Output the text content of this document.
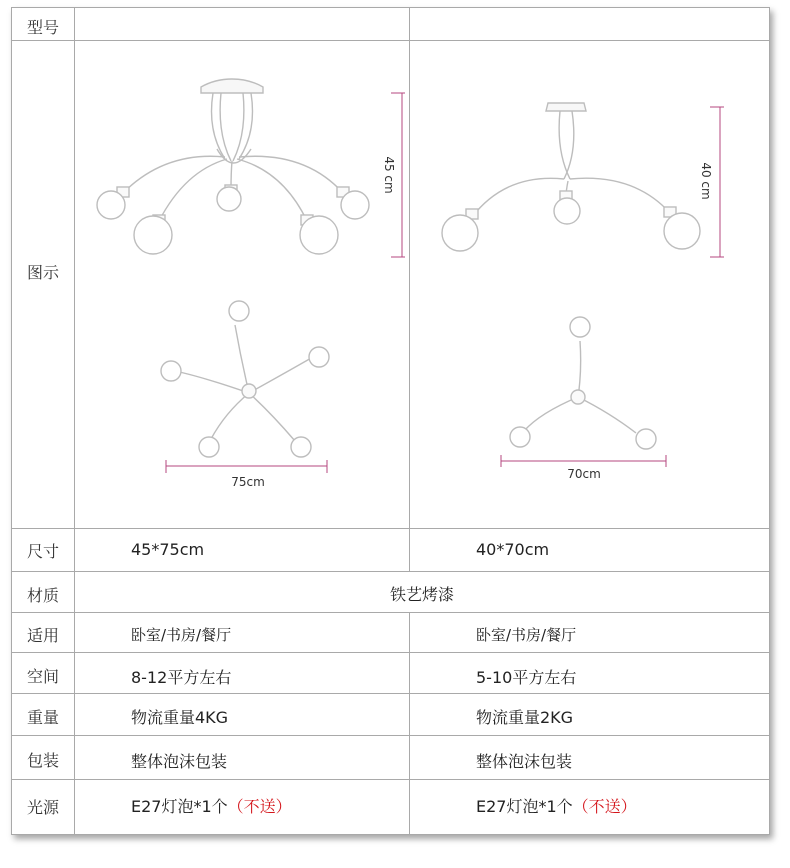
型号
图示
45 cm
75cm
40 cm
70cm
尺寸	45*75cm	40*70cm
材质	铁艺烤漆
适用	卧室/书房/餐厅	卧室/书房/餐厅
空间	8-12平方左右	5-10平方左右
重量	物流重量4KG	物流重量2KG
包装	整体泡沫包装	整体泡沫包装
光源	E27灯泡*1个（不送）	E27灯泡*1个（不送）
